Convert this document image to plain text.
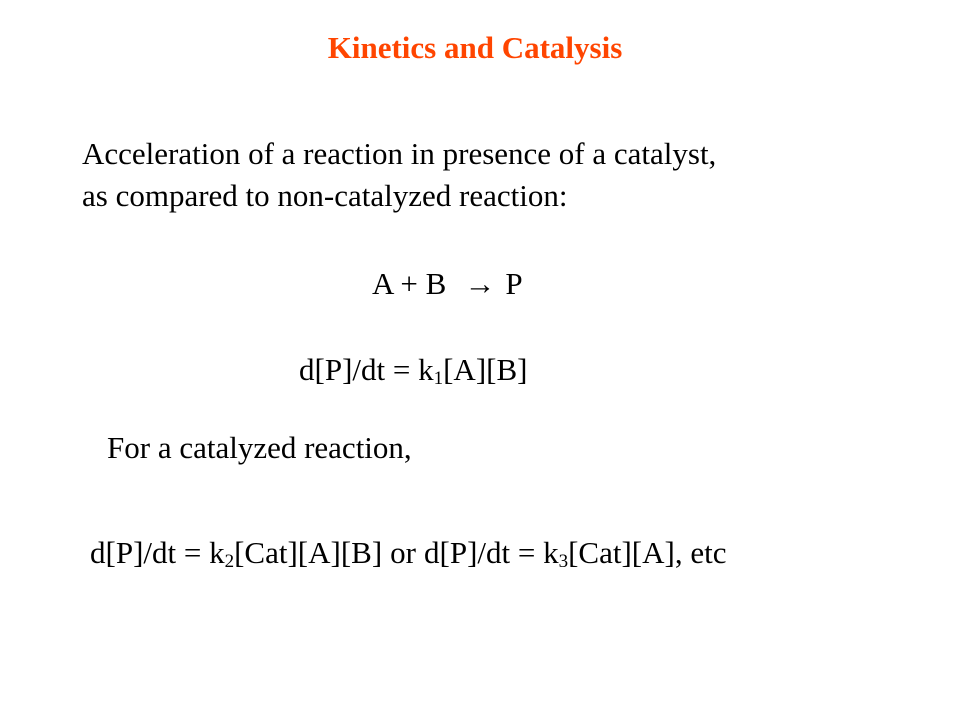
Kinetics and Catalysis
Acceleration of a reaction in presence of a catalyst,
as compared to non-catalyzed reaction:
A + B → P
$d[P]/dt = k_1[A][B]$
For a catalyzed reaction,
$d[P]/dt = k_2[Cat][A][B]$ or $d[P]/dt = k_3[Cat][A]$, etc
